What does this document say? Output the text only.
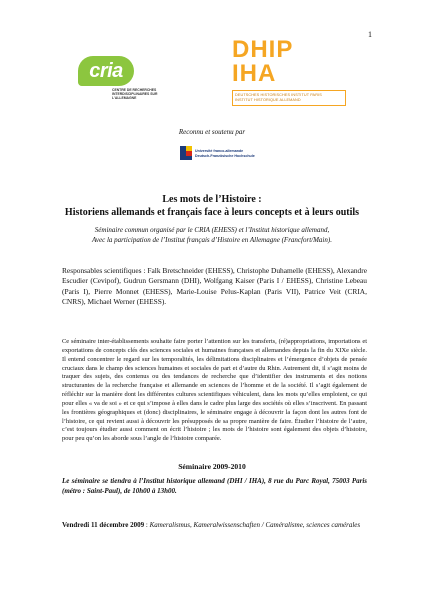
1
cria
CENTRE DE RECHERCHES
INTERDISCIPLINAIRES SUR L'ALLEMAGNE
DHIP
IHA
DEUTSCHES HISTORISCHES INSTITUT PARIS
INSTITUT HISTORIQUE ALLEMAND
Reconnu et soutenu par
Université franco-allemande
Deutsch-Französische Hochschule
Les mots de l’Histoire :
Historiens allemands et français face à leurs concepts et à leurs outils
Séminaire commun organisé par le CRIA (EHESS) et l’Institut historique allemand,
Avec la participation de l’Institut français d’Histoire en Allemagne (Francfort/Main).
Responsables scientifiques : Falk Bretschneider (EHESS), Christophe Duhamelle (EHESS), Alexandre Escudier (Cevipof), Gudrun Gersmann (DHI), Wolfgang Kaiser (Paris I / EHESS), Christine Lebeau (Paris I), Pierre Monnet (EHESS), Marie-Louise Pelus-Kaplan (Paris VII), Patrice Veit (CRIA, CNRS), Michael Werner (EHESS).
Ce séminaire inter-établissements souhaite faire porter l’attention sur les transferts, (ré)appropriations, importations et exportations de concepts clés des sciences sociales et humaines françaises et allemandes depuis la fin du XIXe siècle. Il entend concentrer le regard sur les temporalités, les délimitations disciplinaires et l’émergence d’objets de pensée cruciaux dans le champ des sciences humaines et sociales de part et d’autre du Rhin. Autrement dit, il s’agit moins de traquer des sujets, des contenus ou des tendances de recherche que d’identifier des instruments et des notions structurantes de la recherche française et allemande en sciences de l’homme et de la société. Il s’agit également de réfléchir sur la manière dont les différentes cultures scientifiques véhiculent, dans les mots qu’elles emploient, ce qui pour elles « va de soi » et ce qui s’impose à elles dans le cadre plus large des sociétés où elles s’inscrivent. En passant les frontières géographiques et (donc) disciplinaires, le séminaire engage à découvrir la façon dont les autres font de l’histoire, ce qui revient aussi à découvrir les présupposés de sa propre manière de faire. Étudier l’histoire de l’autre, c’est toujours étudier aussi comment on écrit l’histoire ; les mots de l’histoire sont également des objets d’histoire, pour peu qu’on les aborde sous l’angle de l’histoire comparée.
Séminaire 2009-2010
Le séminaire se tiendra à l’Institut historique allemand (DHI / IHA), 8 rue du Parc Royal, 75003 Paris (métro : Saint-Paul), de 10h00 à 13h00.
Vendredi 11 décembre 2009 : Kameralismus, Kameralwissenschaften / Caméralisme, sciences camérales
